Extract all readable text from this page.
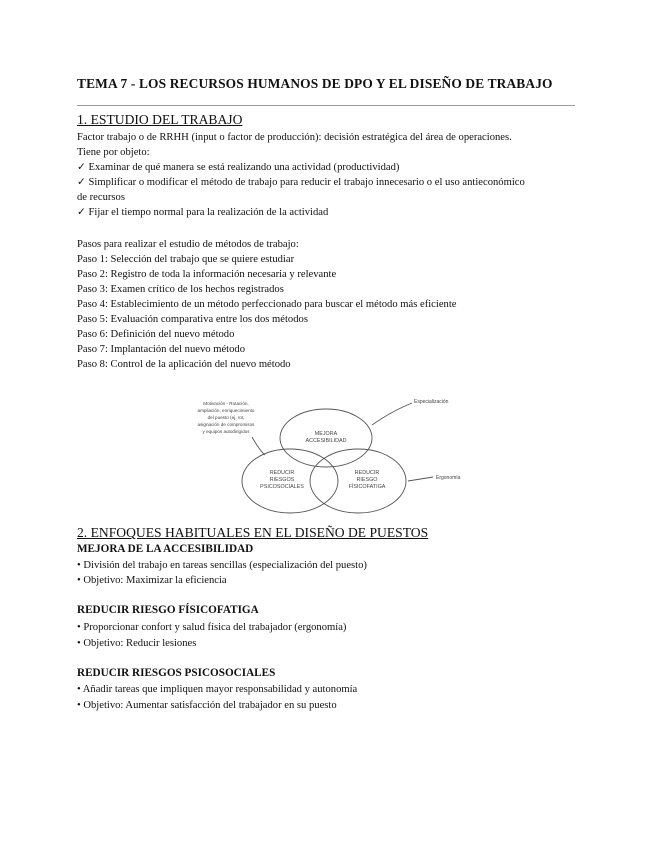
TEMA 7 - LOS RECURSOS HUMANOS DE DPO Y EL DISEÑO DE TRABAJO
1. ESTUDIO DEL TRABAJO
Factor trabajo o de RRHH (input o factor de producción): decisión estratégica del área de operaciones.
Tiene por objeto:
✓ Examinar de qué manera se está realizando una actividad (productividad)
✓ Simplificar o modificar el método de trabajo para reducir el trabajo innecesario o el uso antieconómico
de recursos
✓ Fijar el tiempo normal para la realización de la actividad
Pasos para realizar el estudio de métodos de trabajo:
Paso 1: Selección del trabajo que se quiere estudiar
Paso 2: Registro de toda la información necesaria y relevante
Paso 3: Examen crítico de los hechos registrados
Paso 4: Establecimiento de un método perfeccionado para buscar el método más eficiente
Paso 5: Evaluación comparativa entre los dos métodos
Paso 6: Definición del nuevo método
Paso 7: Implantación del nuevo método
Paso 8: Control de la aplicación del nuevo método
Motivación - Rotación,
ampliación, enriquecimiento
del puesto (ej. rot,
asignación de compromisos
y equipos autodirigidos	MEJORA
ACCESIBILIDAD
REDUCIR
RIESGOS
PSICOSOCIALES
REDUCIR
RIESGO
FÍSICOFATIGA
Especialización
Ergonomía
2. ENFOQUES HABITUALES EN EL DISEÑO DE PUESTOS
MEJORA DE LA ACCESIBILIDAD
• División del trabajo en tareas sencillas (especialización del puesto)
• Objetivo: Maximizar la eficiencia
REDUCIR RIESGO FÍSICOFATIGA
• Proporcionar confort y salud física del trabajador (ergonomía)
• Objetivo: Reducir lesiones
REDUCIR RIESGOS PSICOSOCIALES
• Añadir tareas que impliquen mayor responsabilidad y autonomía
• Objetivo: Aumentar satisfacción del trabajador en su puesto
